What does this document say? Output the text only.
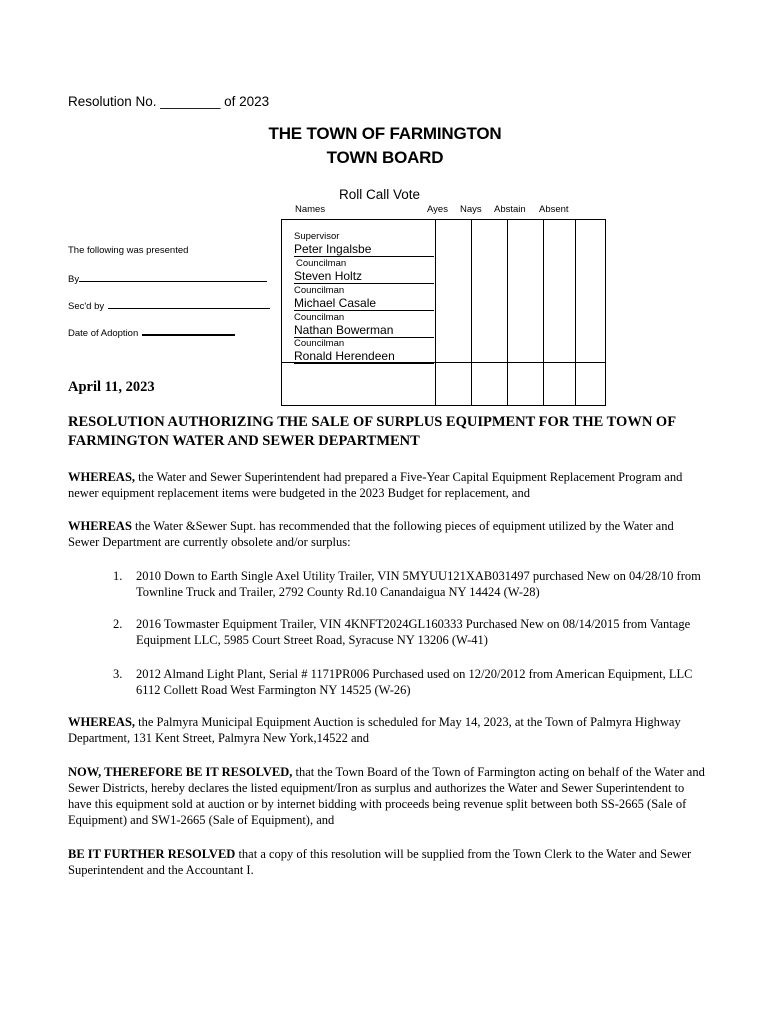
Resolution No. ________ of 2023
THE TOWN OF FARMINGTON
TOWN BOARD
Roll Call Vote
Names	Ayes Nays Abstain Absent
Supervisor
Peter Ingalsbe
Councilman
Steven Holtz
Councilman
Michael Casale
Councilman
Nathan Bowerman
Councilman
Ronald Herendeen
The following was presented
By
Sec'd by
Date of Adoption
April 11, 2023
RESOLUTION AUTHORIZING THE SALE OF SURPLUS EQUIPMENT FOR THE TOWN OF FARMINGTON WATER AND SEWER DEPARTMENT
WHEREAS, the Water and Sewer Superintendent had prepared a Five-Year Capital Equipment Replacement Program and newer equipment replacement items were budgeted in the 2023 Budget for replacement, and
WHEREAS the Water &Sewer Supt. has recommended that the following pieces of equipment utilized by the Water and Sewer Department are currently obsolete and/or surplus:
1. 2010 Down to Earth Single Axel Utility Trailer, VIN 5MYUU121XAB031497 purchased New on 04/28/10 from Townline Truck and Trailer, 2792 County Rd.10 Canandaigua NY 14424 (W-28)
2. 2016 Towmaster Equipment Trailer, VIN 4KNFT2024GL160333 Purchased New on 08/14/2015 from Vantage Equipment LLC, 5985 Court Street Road, Syracuse NY 13206 (W-41)
3. 2012 Almand Light Plant, Serial # 1171PR006 Purchased used on 12/20/2012 from American Equipment, LLC 6112 Collett Road West Farmington NY 14525 (W-26)
WHEREAS, the Palmyra Municipal Equipment Auction is scheduled for May 14, 2023, at the Town of Palmyra Highway Department, 131 Kent Street, Palmyra New York,14522 and
NOW, THEREFORE BE IT RESOLVED, that the Town Board of the Town of Farmington acting on behalf of the Water and Sewer Districts, hereby declares the listed equipment/Iron as surplus and authorizes the Water and Sewer Superintendent to have this equipment sold at auction or by internet bidding with proceeds being revenue split between both SS-2665 (Sale of Equipment) and SW1-2665 (Sale of Equipment), and
BE IT FURTHER RESOLVED that a copy of this resolution will be supplied from the Town Clerk to the Water and Sewer Superintendent and the Accountant I.
